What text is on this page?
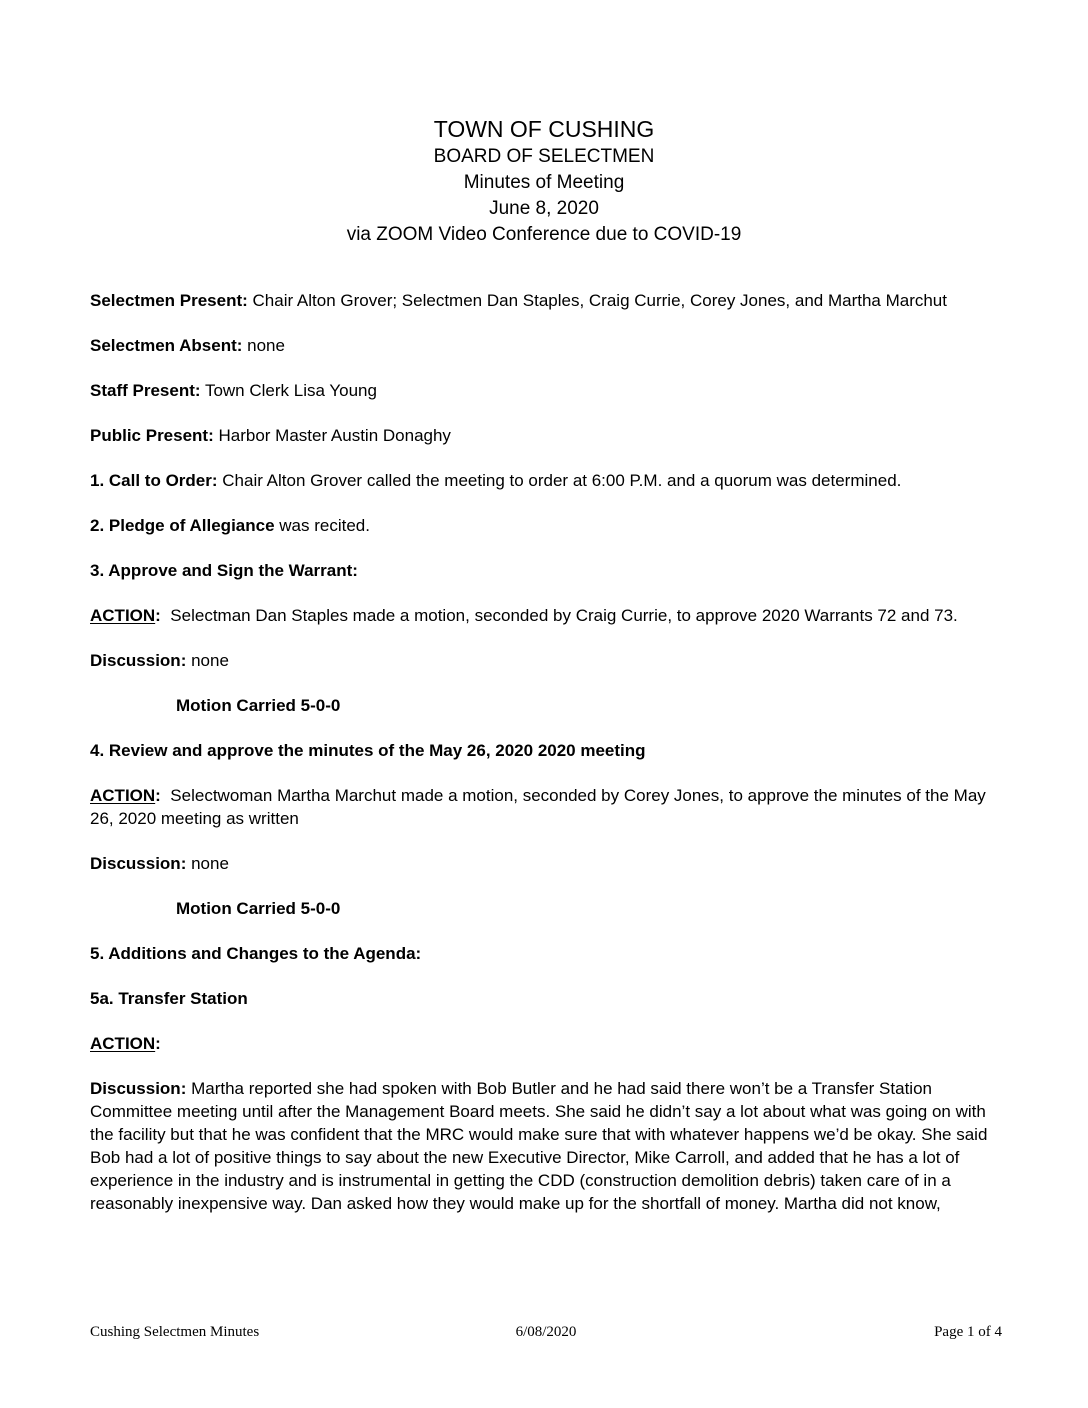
TOWN OF CUSHING
BOARD OF SELECTMEN
Minutes of Meeting
June 8, 2020
via ZOOM Video Conference due to COVID-19

Selectmen Present: Chair Alton Grover; Selectmen Dan Staples, Craig Currie, Corey Jones, and Martha Marchut

Selectmen Absent: none

Staff Present: Town Clerk Lisa Young

Public Present: Harbor Master Austin Donaghy

1. Call to Order: Chair Alton Grover called the meeting to order at 6:00 P.M. and a quorum was determined.

2. Pledge of Allegiance was recited.

3. Approve and Sign the Warrant:

ACTION:  Selectman Dan Staples made a motion, seconded by Craig Currie, to approve 2020 Warrants 72 and 73.

Discussion: none

Motion Carried 5-0-0

4. Review and approve the minutes of the May 26, 2020 2020 meeting

ACTION:  Selectwoman Martha Marchut made a motion, seconded by Corey Jones, to approve the minutes of the May 26, 2020 meeting as written

Discussion: none

Motion Carried 5-0-0

5. Additions and Changes to the Agenda:

5a. Transfer Station

ACTION:

Discussion: Martha reported she had spoken with Bob Butler and he had said there won’t be a Transfer Station Committee meeting until after the Management Board meets. She said he didn’t say a lot about what was going on with the facility but that he was confident that the MRC would make sure that with whatever happens we’d be okay. She said Bob had a lot of positive things to say about the new Executive Director, Mike Carroll, and added that he has a lot of experience in the industry and is instrumental in getting the CDD (construction demolition debris) taken care of in a reasonably inexpensive way. Dan asked how they would make up for the shortfall of money. Martha did not know,

Cushing Selectmen Minutes	6/08/2020	Page 1 of 4
